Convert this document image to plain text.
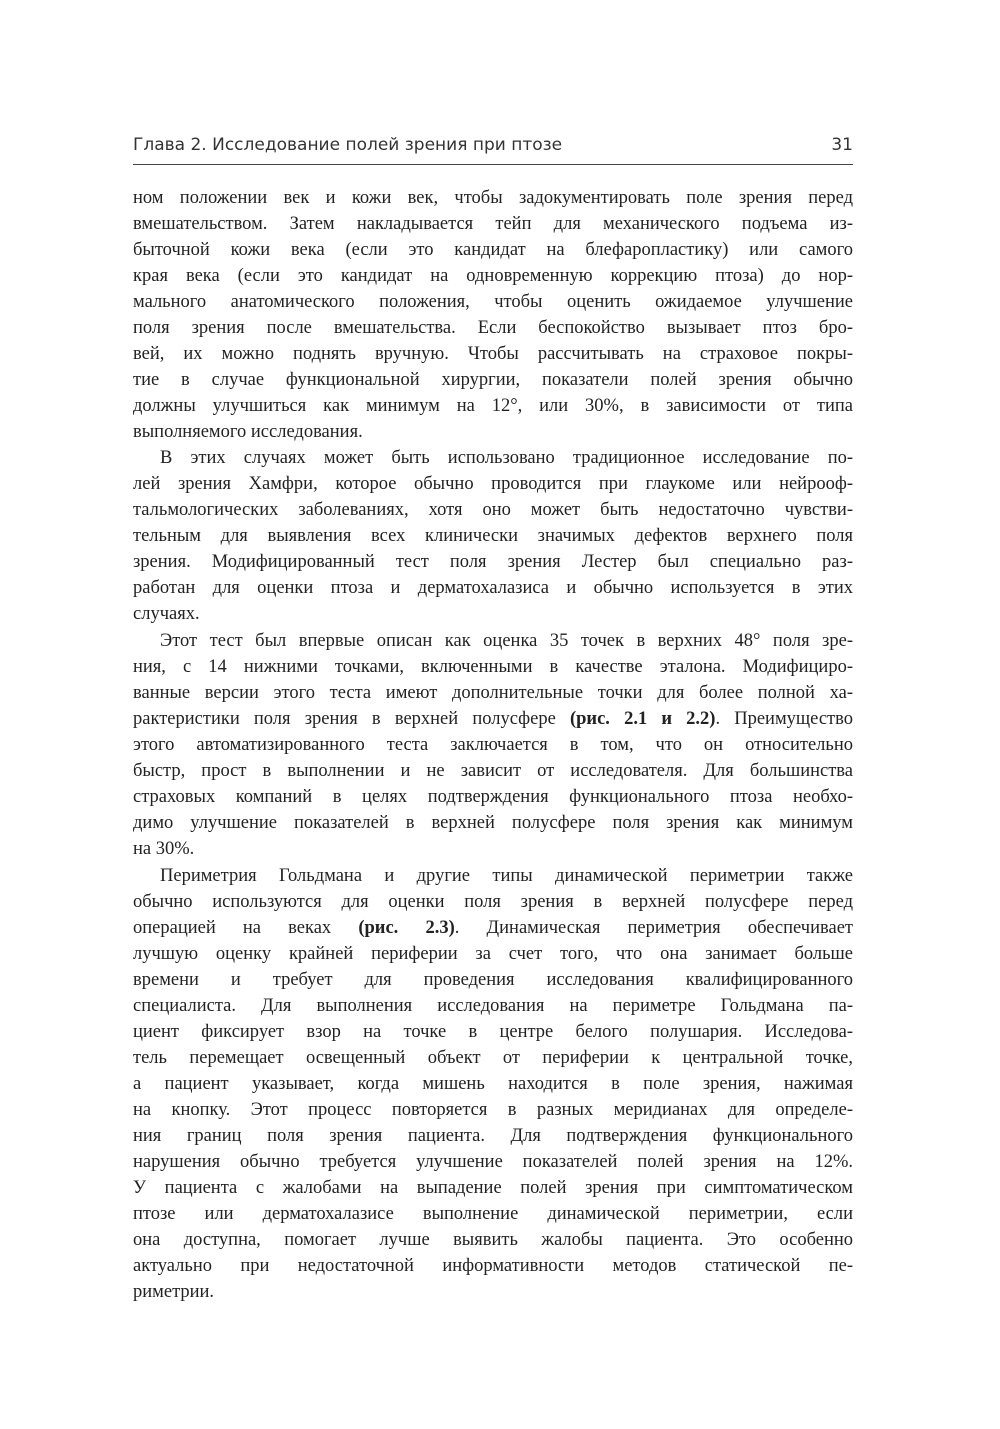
Глава 2. Исследование полей зрения при птозе	31
ном положении век и кожи век, чтобы задокументировать поле зрения перед
вмешательством. Затем накладывается тейп для механического подъема из-
быточной кожи века (если это кандидат на блефаропластику) или самого
края века (если это кандидат на одновременную коррекцию птоза) до нор-
мального анатомического положения, чтобы оценить ожидаемое улучшение
поля зрения после вмешательства. Если беспокойство вызывает птоз бро-
вей, их можно поднять вручную. Чтобы рассчитывать на страховое покры-
тие в случае функциональной хирургии, показатели полей зрения обычно
должны улучшиться как минимум на 12°, или 30%, в зависимости от типа
выполняемого исследования.
В этих случаях может быть использовано традиционное исследование по-
лей зрения Хамфри, которое обычно проводится при глаукоме или нейрооф-
тальмологических заболеваниях, хотя оно может быть недостаточно чувстви-
тельным для выявления всех клинически значимых дефектов верхнего поля
зрения. Модифицированный тест поля зрения Лестер был специально раз-
работан для оценки птоза и дерматохалазиса и обычно используется в этих
случаях.
Этот тест был впервые описан как оценка 35 точек в верхних 48° поля зре-
ния, с 14 нижними точками, включенными в качестве эталона. Модифициро-
ванные версии этого теста имеют дополнительные точки для более полной ха-
рактеристики поля зрения в верхней полусфере (рис. 2.1 и 2.2). Преимущество
этого автоматизированного теста заключается в том, что он относительно
быстр, прост в выполнении и не зависит от исследователя. Для большинства
страховых компаний в целях подтверждения функционального птоза необхо-
димо улучшение показателей в верхней полусфере поля зрения как минимум
на 30%.
Периметрия Гольдмана и другие типы динамической периметрии также
обычно используются для оценки поля зрения в верхней полусфере перед
операцией на веках (рис. 2.3). Динамическая периметрия обеспечивает
лучшую оценку крайней периферии за счет того, что она занимает больше
времени и требует для проведения исследования квалифицированного
специалиста. Для выполнения исследования на периметре Гольдмана па-
циент фиксирует взор на точке в центре белого полушария. Исследова-
тель перемещает освещенный объект от периферии к центральной точке,
а пациент указывает, когда мишень находится в поле зрения, нажимая
на кнопку. Этот процесс повторяется в разных меридианах для определе-
ния границ поля зрения пациента. Для подтверждения функционального
нарушения обычно требуется улучшение показателей полей зрения на 12%.
У пациента с жалобами на выпадение полей зрения при симптоматическом
птозе или дерматохалазисе выполнение динамической периметрии, если
она доступна, помогает лучше выявить жалобы пациента. Это особенно
актуально при недостаточной информативности методов статической пе-
риметрии.
